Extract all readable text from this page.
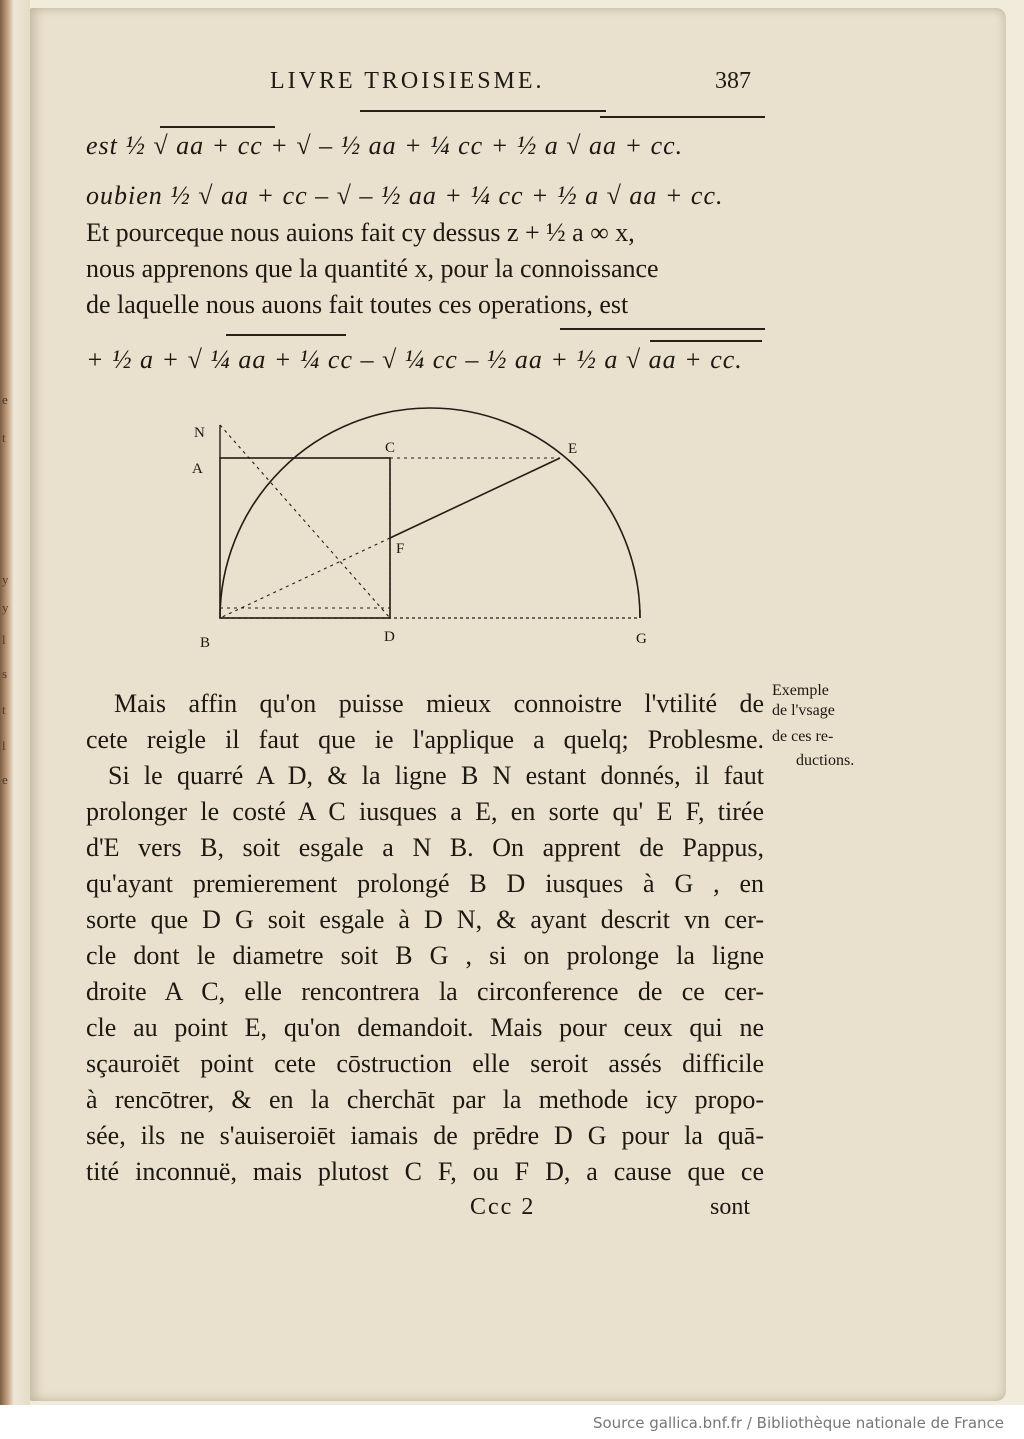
e
t
y
y
l
s
t
l
e
LIVRE TROISIESME.	387
est ½ √ aa + cc + √ ‒ ½ aa + ¼ cc + ½ a √ aa + cc.
oubien ½ √ aa + cc ‒ √ ‒ ½ aa + ¼ cc + ½ a √ aa + cc.
Et pourceque nous auions fait cy dessus z + ½ a ∞ x,
nous apprenons que la quantité x, pour la connoissance
de laquelle nous auons fait toutes ces operations, est
+ ½ a + √ ¼ aa + ¼ cc ‒ √ ¼ cc ‒ ½ aa + ½ a √ aa + cc.
N
A
C	E
F
B	D	G
Mais affin qu'on puisse mieux connoistre l'vtilité de
cete reigle il faut que ie l'applique a quelq; Problesme.
Si le quarré A D, & la ligne B N estant donnés, il faut
prolonger le costé A C iusques a E, en sorte qu' E F, tirée
d'E vers B, soit esgale a N B. On apprent de Pappus,
qu'ayant premierement prolongé B D iusques à G , en
sorte que D G soit esgale à D N, & ayant descrit vn cer-
cle dont le diametre soit B G , si on prolonge la ligne
droite A C, elle rencontrera la circonference de ce cer-
cle au point E, qu'on demandoit. Mais pour ceux qui ne
sçauroiēt point cete cōstruction elle seroit assés difficile
à rencōtrer, & en la cherchāt par la methode icy propo-
sée, ils ne s'auiseroiēt iamais de prēdre D G pour la quā-
tité inconnuë, mais plutost C F, ou F D, a cause que ce
Exemple
de l'vsage
de ces re-
ductions.
Ccc 2	sont
Source gallica.bnf.fr / Bibliothèque nationale de France
